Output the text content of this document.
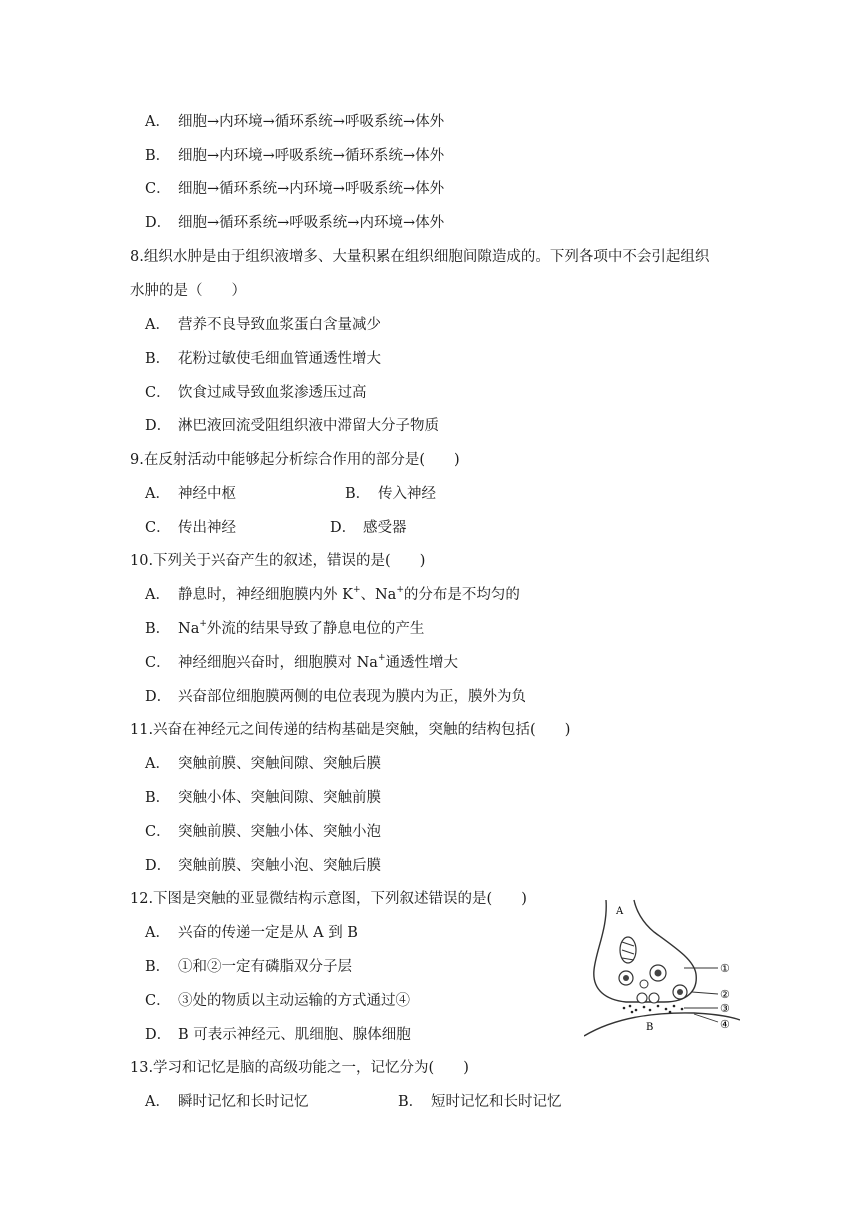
A． 细胞→内环境→循环系统→呼吸系统→体外
B． 细胞→内环境→呼吸系统→循环系统→体外
C． 细胞→循环系统→内环境→呼吸系统→体外
D． 细胞→循环系统→呼吸系统→内环境→体外
8.组织水肿是由于组织液增多、大量积累在组织细胞间隙造成的。下列各项中不会引起组织
水肿的是（　　）
A． 营养不良导致血浆蛋白含量减少
B． 花粉过敏使毛细血管通透性增大
C． 饮食过咸导致血浆渗透压过高
D． 淋巴液回流受阻组织液中滞留大分子物质
9.在反射活动中能够起分析综合作用的部分是(　　)
A． 神经中枢	B． 传入神经
C． 传出神经	D． 感受器
10.下列关于兴奋产生的叙述，错误的是(　　)
A． 静息时，神经细胞膜内外 K+、Na+的分布是不均匀的
B． Na+外流的结果导致了静息电位的产生
C． 神经细胞兴奋时，细胞膜对 Na+通透性增大
D． 兴奋部位细胞膜两侧的电位表现为膜内为正，膜外为负
11.兴奋在神经元之间传递的结构基础是突触，突触的结构包括(　　)
A． 突触前膜、突触间隙、突触后膜
B． 突触小体、突触间隙、突触前膜
C． 突触前膜、突触小体、突触小泡
D． 突触前膜、突触小泡、突触后膜
12.下图是突触的亚显微结构示意图，下列叙述错误的是(　　)
A． 兴奋的传递一定是从 A 到 B
B． ①和②一定有磷脂双分子层
C． ③处的物质以主动运输的方式通过④
D． B 可表示神经元、肌细胞、腺体细胞
A
B
①
②
③
④
13.学习和记忆是脑的高级功能之一，记忆分为(　　)
A． 瞬时记忆和长时记忆	B． 短时记忆和长时记忆
